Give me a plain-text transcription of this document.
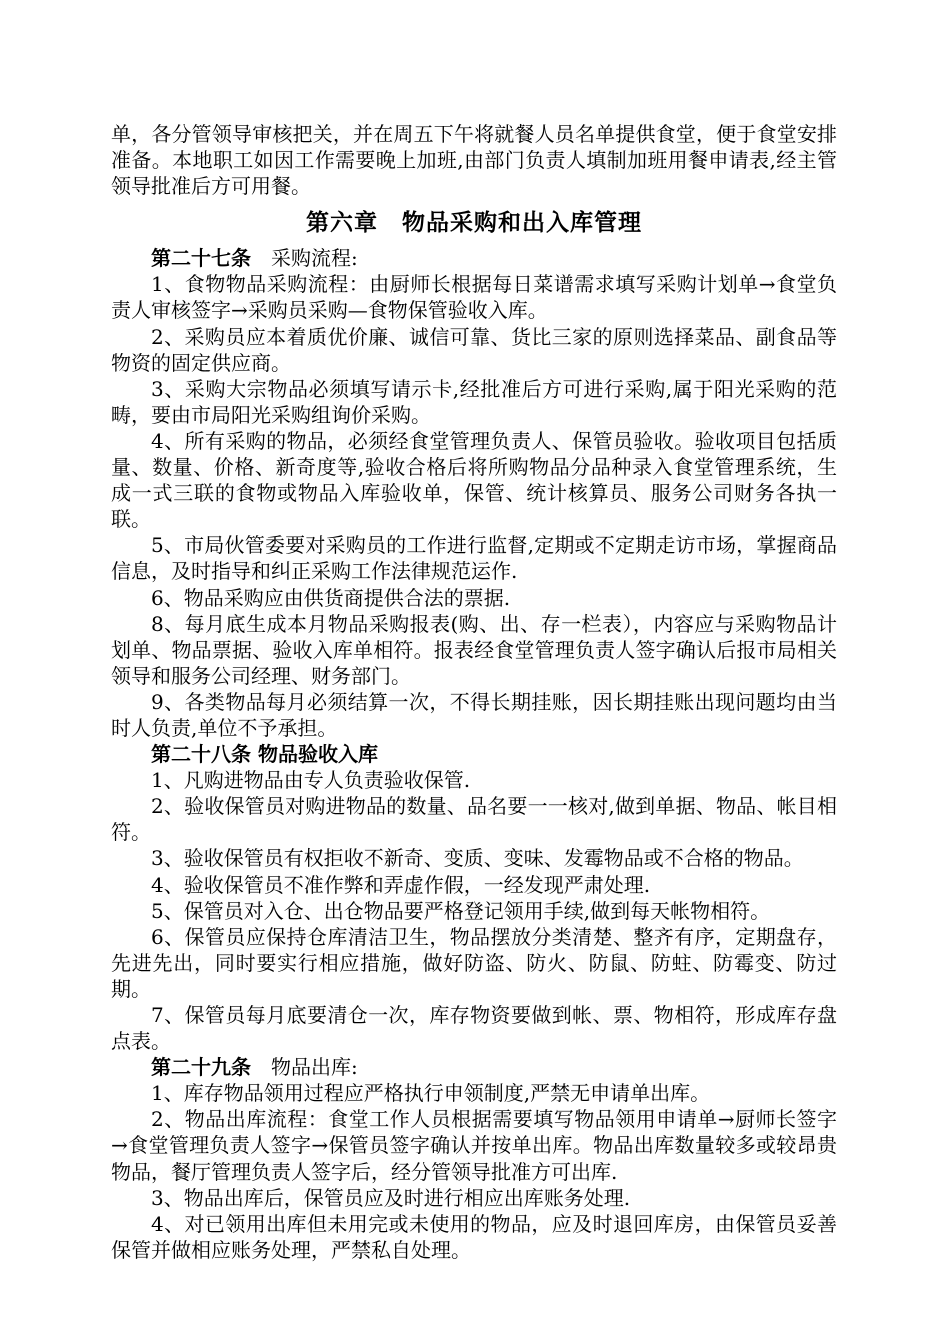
单，各分管领导审核把关，并在周五下午将就餐人员名单提供食堂，便于食堂安排准备。本地职工如因工作需要晚上加班,由部门负责人填制加班用餐申请表,经主管领导批准后方可用餐。

第六章　物品采购和出入库管理

第二十七条 采购流程:

1、食物物品采购流程：由厨师长根据每日菜谱需求填写采购计划单→食堂负责人审核签字→采购员采购—食物保管验收入库。

2、采购员应本着质优价廉、诚信可靠、货比三家的原则选择菜品、副食品等物资的固定供应商。

3、采购大宗物品必须填写请示卡,经批准后方可进行采购,属于阳光采购的范畴，要由市局阳光采购组询价采购。

4、所有采购的物品，必须经食堂管理负责人、保管员验收。验收项目包括质量、数量、价格、新奇度等,验收合格后将所购物品分品种录入食堂管理系统，生成一式三联的食物或物品入库验收单，保管、统计核算员、服务公司财务各执一联。

5、市局伙管委要对采购员的工作进行监督,定期或不定期走访市场，掌握商品信息，及时指导和纠正采购工作法律规范运作.

6、物品采购应由供货商提供合法的票据.

8、每月底生成本月物品采购报表(购、出、存一栏表），内容应与采购物品计划单、物品票据、验收入库单相符。报表经食堂管理负责人签字确认后报市局相关领导和服务公司经理、财务部门。

9、各类物品每月必须结算一次，不得长期挂账，因长期挂账出现问题均由当时人负责,单位不予承担。

第二十八条 物品验收入库

1、凡购进物品由专人负责验收保管.

2、验收保管员对购进物品的数量、品名要一一核对,做到单据、物品、帐目相符。

3、验收保管员有权拒收不新奇、变质、变味、发霉物品或不合格的物品。

4、验收保管员不准作弊和弄虚作假，一经发现严肃处理.

5、保管员对入仓、出仓物品要严格登记领用手续,做到每天帐物相符。

6、保管员应保持仓库清洁卫生，物品摆放分类清楚、整齐有序，定期盘存，先进先出，同时要实行相应措施，做好防盗、防火、防鼠、防蛀、防霉变、防过期。

7、保管员每月底要清仓一次，库存物资要做到帐、票、物相符，形成库存盘点表。

第二十九条 物品出库:

1、库存物品领用过程应严格执行申领制度,严禁无申请单出库。

2、物品出库流程：食堂工作人员根据需要填写物品领用申请单→厨师长签字→食堂管理负责人签字→保管员签字确认并按单出库。物品出库数量较多或较昂贵物品，餐厅管理负责人签字后，经分管领导批准方可出库.

3、物品出库后，保管员应及时进行相应出库账务处理.

4、对已领用出库但未用完或未使用的物品，应及时退回库房，由保管员妥善保管并做相应账务处理，严禁私自处理。
